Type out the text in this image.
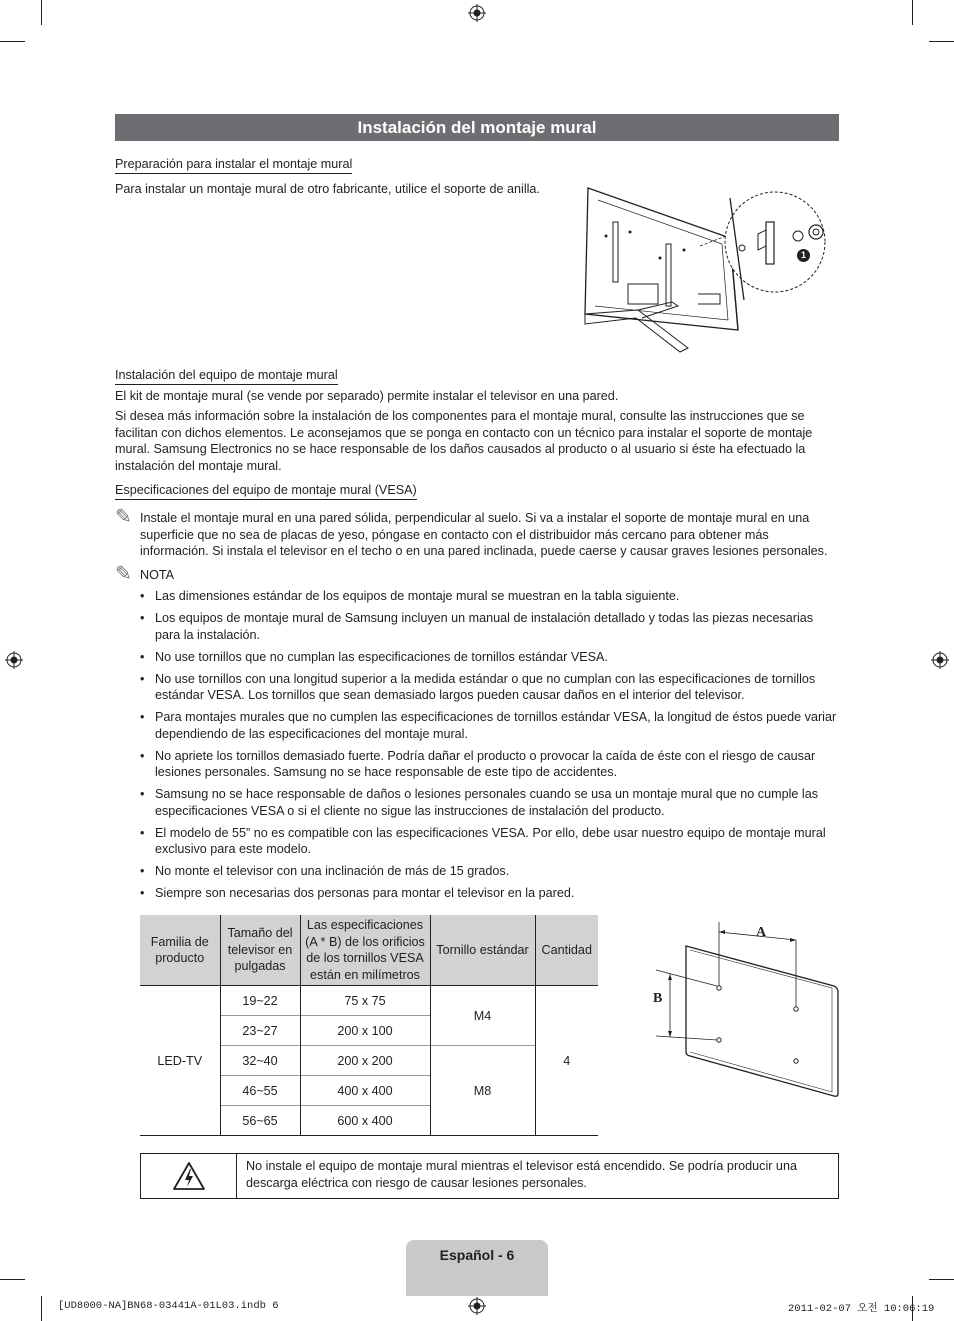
Instalación del montaje mural
Preparación para instalar el montaje mural
Para instalar un montaje mural de otro fabricante, utilice el soporte de anilla.
1
Instalación del equipo de montaje mural
El kit de montaje mural (se vende por separado) permite instalar el televisor en una pared.
Si desea más información sobre la instalación de los componentes para el montaje mural, consulte las instrucciones que se facilitan con dichos elementos. Le aconsejamos que se ponga en contacto con un técnico para instalar el soporte de montaje mural. Samsung Electronics no se hace responsable de los daños causados al producto o al usuario si éste ha efectuado la instalación del montaje mural.
Especificaciones del equipo de montaje mural (VESA)
✎ Instale el montaje mural en una pared sólida, perpendicular al suelo. Si va a instalar el soporte de montaje mural en una superficie que no sea de placas de yeso, póngase en contacto con el distribuidor más cercano para obtener más información. Si instala el televisor en el techo o en una pared inclinada, puede caerse y causar graves lesiones personales.
✎ NOTA
• Las dimensiones estándar de los equipos de montaje mural se muestran en la tabla siguiente.
• Los equipos de montaje mural de Samsung incluyen un manual de instalación detallado y todas las piezas necesarias para la instalación.
• No use tornillos que no cumplan las especificaciones de tornillos estándar VESA.
• No use tornillos con una longitud superior a la medida estándar o que no cumplan con las especificaciones de tornillos estándar VESA. Los tornillos que sean demasiado largos pueden causar daños en el interior del televisor.
• Para montajes murales que no cumplen las especificaciones de tornillos estándar VESA, la longitud de éstos puede variar dependiendo de las especificaciones del montaje mural.
• No apriete los tornillos demasiado fuerte. Podría dañar el producto o provocar la caída de éste con el riesgo de causar lesiones personales. Samsung no se hace responsable de este tipo de accidentes.
• Samsung no se hace responsable de daños o lesiones personales cuando se usa un montaje mural que no cumple las especificaciones VESA o si el cliente no sigue las instrucciones de instalación del producto.
• El modelo de 55” no es compatible con las especificaciones VESA. Por ello, debe usar nuestro equipo de montaje mural exclusivo para este modelo.
• No monte el televisor con una inclinación de más de 15 grados.
• Siempre son necesarias dos personas para montar el televisor en la pared.
Familia de producto	Tamaño del televisor en pulgadas	Las especificaciones (A * B) de los orificios de los tornillos VESA están en milímetros	Tornillo estándar	Cantidad
LED-TV	19~22	75 x 75	M4	4
	23~27	200 x 100		
	32~40	200 x 200	M8	
	46~55	400 x 400		
	56~65	600 x 400		
A
B
No instale el equipo de montaje mural mientras el televisor está encendido. Se podría producir una descarga eléctrica con riesgo de causar lesiones personales.
Español - 6
[UD8000-NA]BN68-03441A-01L03.indb 6	2011-02-07 오전 10:06:19
